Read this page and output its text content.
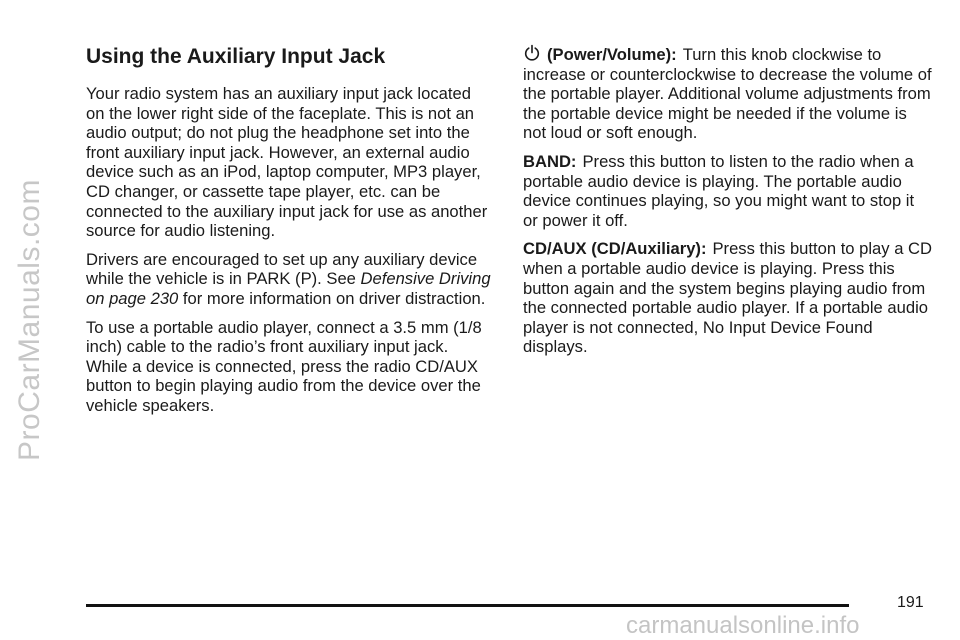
ProCarManuals.com
Using the Auxiliary Input Jack

Your radio system has an auxiliary input jack located on the lower right side of the faceplate. This is not an audio output; do not plug the headphone set into the front auxiliary input jack. However, an external audio device such as an iPod, laptop computer, MP3 player, CD changer, or cassette tape player, etc. can be connected to the auxiliary input jack for use as another source for audio listening.

Drivers are encouraged to set up any auxiliary device while the vehicle is in PARK (P). See Defensive Driving on page 230 for more information on driver distraction.

To use a portable audio player, connect a 3.5 mm (1/8 inch) cable to the radio’s front auxiliary input jack. While a device is connected, press the radio CD/AUX button to begin playing audio from the device over the vehicle speakers.

(Power/Volume): Turn this knob clockwise to increase or counterclockwise to decrease the volume of the portable player. Additional volume adjustments from the portable device might be needed if the volume is not loud or soft enough.

BAND: Press this button to listen to the radio when a portable audio device is playing. The portable audio device continues playing, so you might want to stop it or power it off.

CD/AUX (CD/Auxiliary): Press this button to play a CD when a portable audio device is playing. Press this button again and the system begins playing audio from the connected portable audio player. If a portable audio player is not connected, No Input Device Found displays.

191
carmanualsonline.info
